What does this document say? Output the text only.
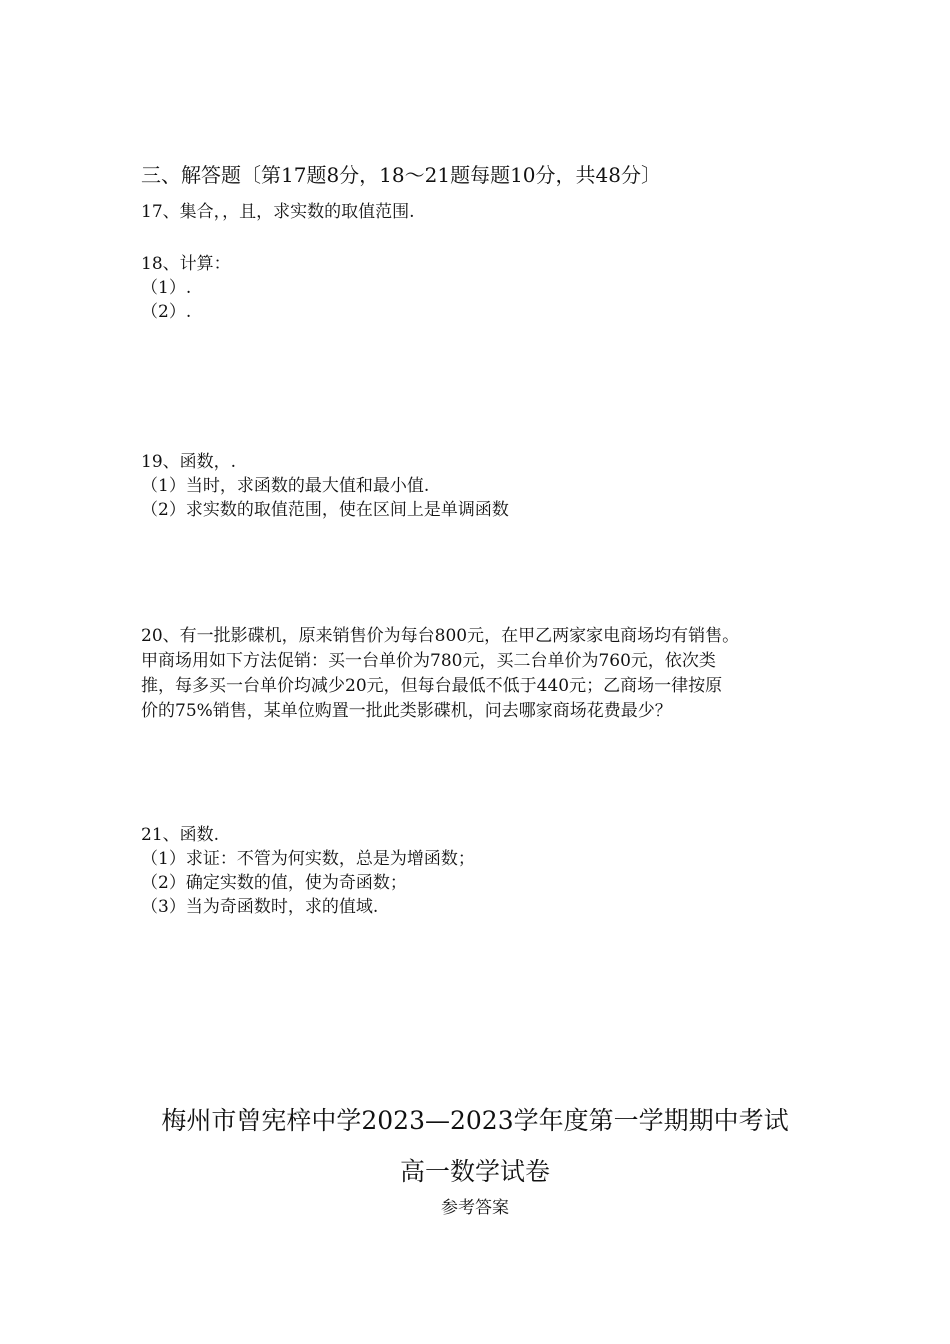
三、解答题〔第17题8分，18～21题每题10分，共48分〕
17、集合，，且，求实数的取值范围.
18、计算：
（1）.
（2）.
19、函数，.
（1）当时，求函数的最大值和最小值.
（2）求实数的取值范围，使在区间上是单调函数
20、有一批影碟机，原来销售价为每台800元，在甲乙两家家电商场均有销售。
甲商场用如下方法促销：买一台单价为780元，买二台单价为760元，依次类
推，每多买一台单价均减少20元，但每台最低不低于440元；乙商场一律按原
价的75%销售，某单位购置一批此类影碟机，问去哪家商场花费最少？
21、函数.
（1）求证：不管为何实数，总是为增函数；
（2）确定实数的值，使为奇函数；
（3）当为奇函数时，求的值域.
梅州市曾宪梓中学2023—2023学年度第一学期期中考试
高一数学试卷
参考答案
